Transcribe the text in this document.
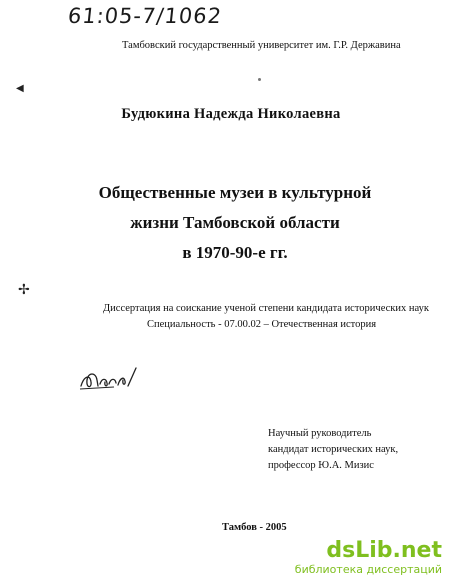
61:05-7/1062
Тамбовский государственный университет им. Г.Р. Державина
◀
Будюкина Надежда Николаевна
Общественные музеи в культурной
жизни Тамбовской области
в 1970-90-е гг.
✢
Диссертация на соискание ученой степени кандидата исторических наук
Специальность - 07.00.02 – Отечественная история
Научный руководитель
кандидат исторических наук,
профессор Ю.А. Мизис
Тамбов - 2005
dsLib.net
библиотека диссертаций
